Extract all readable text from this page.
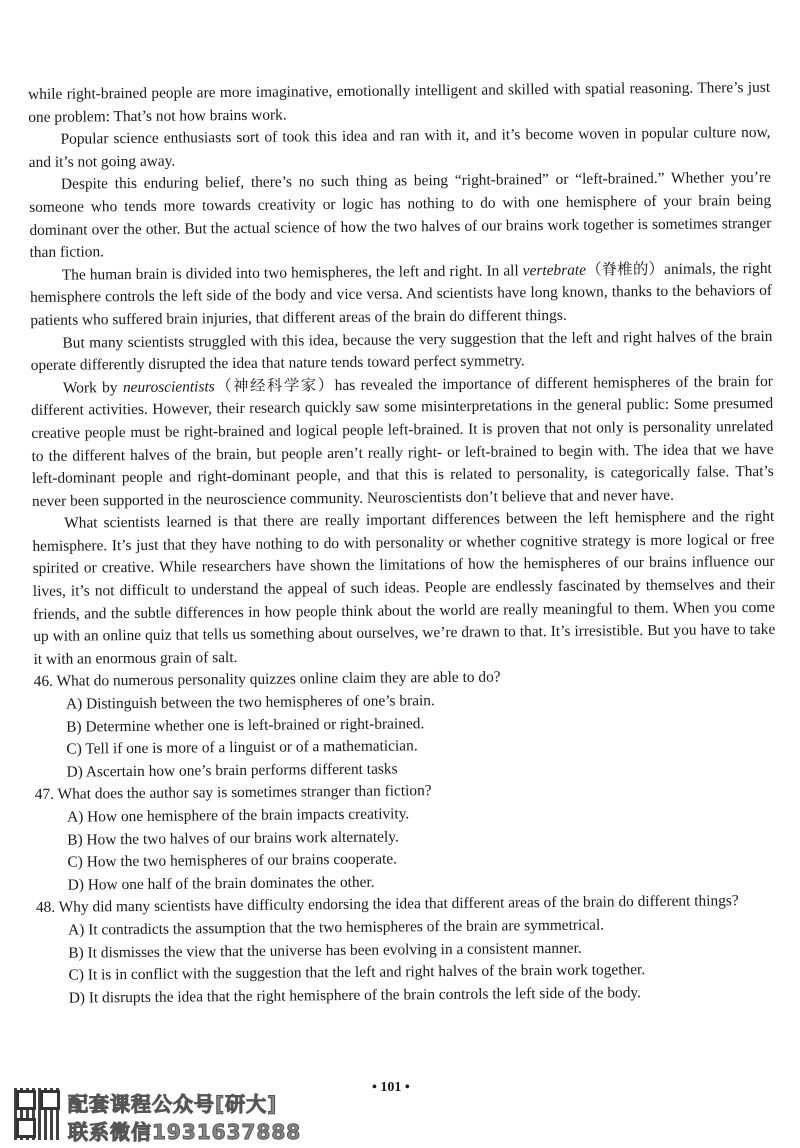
while right-brained people are more imaginative, emotionally intelligent and skilled with spatial reasoning. There’s just one problem: That’s not how brains work.

Popular science enthusiasts sort of took this idea and ran with it, and it’s become woven in popular culture now, and it’s not going away.

Despite this enduring belief, there’s no such thing as being “right-brained” or “left-brained.” Whether you’re someone who tends more towards creativity or logic has nothing to do with one hemisphere of your brain being dominant over the other. But the actual science of how the two halves of our brains work together is sometimes stranger than fiction.

The human brain is divided into two hemispheres, the left and right. In all vertebrate（脊椎的）animals, the right hemisphere controls the left side of the body and vice versa. And scientists have long known, thanks to the behaviors of patients who suffered brain injuries, that different areas of the brain do different things.

But many scientists struggled with this idea, because the very suggestion that the left and right halves of the brain operate differently disrupted the idea that nature tends toward perfect symmetry.

Work by neuroscientists（神经科学家）has revealed the importance of different hemispheres of the brain for different activities. However, their research quickly saw some misinterpretations in the general public: Some presumed creative people must be right-brained and logical people left-brained. It is proven that not only is personality unrelated to the different halves of the brain, but people aren’t really right- or left-brained to begin with. The idea that we have left-dominant people and right-dominant people, and that this is related to personality, is categorically false. That’s never been supported in the neuroscience community. Neuroscientists don’t believe that and never have.

What scientists learned is that there are really important differences between the left hemisphere and the right hemisphere. It’s just that they have nothing to do with personality or whether cognitive strategy is more logical or free spirited or creative. While researchers have shown the limitations of how the hemispheres of our brains influence our lives, it’s not difficult to understand the appeal of such ideas. People are endlessly fascinated by themselves and their friends, and the subtle differences in how people think about the world are really meaningful to them. When you come up with an online quiz that tells us something about ourselves, we’re drawn to that. It’s irresistible. But you have to take it with an enormous grain of salt.

46. What do numerous personality quizzes online claim they are able to do?

A) Distinguish between the two hemispheres of one’s brain.
B) Determine whether one is left-brained or right-brained.
C) Tell if one is more of a linguist or of a mathematician.
D) Ascertain how one’s brain performs different tasks

47. What does the author say is sometimes stranger than fiction?

A) How one hemisphere of the brain impacts creativity.
B) How the two halves of our brains work alternately.
C) How the two hemispheres of our brains cooperate.
D) How one half of the brain dominates the other.

48. Why did many scientists have difficulty endorsing the idea that different areas of the brain do different things?

A) It contradicts the assumption that the two hemispheres of the brain are symmetrical.
B) It dismisses the view that the universe has been evolving in a consistent manner.
C) It is in conflict with the suggestion that the left and right halves of the brain work together.
D) It disrupts the idea that the right hemisphere of the brain controls the left side of the body.
• 101 •
配套课程公众号[研大]
联系微信1931637888
